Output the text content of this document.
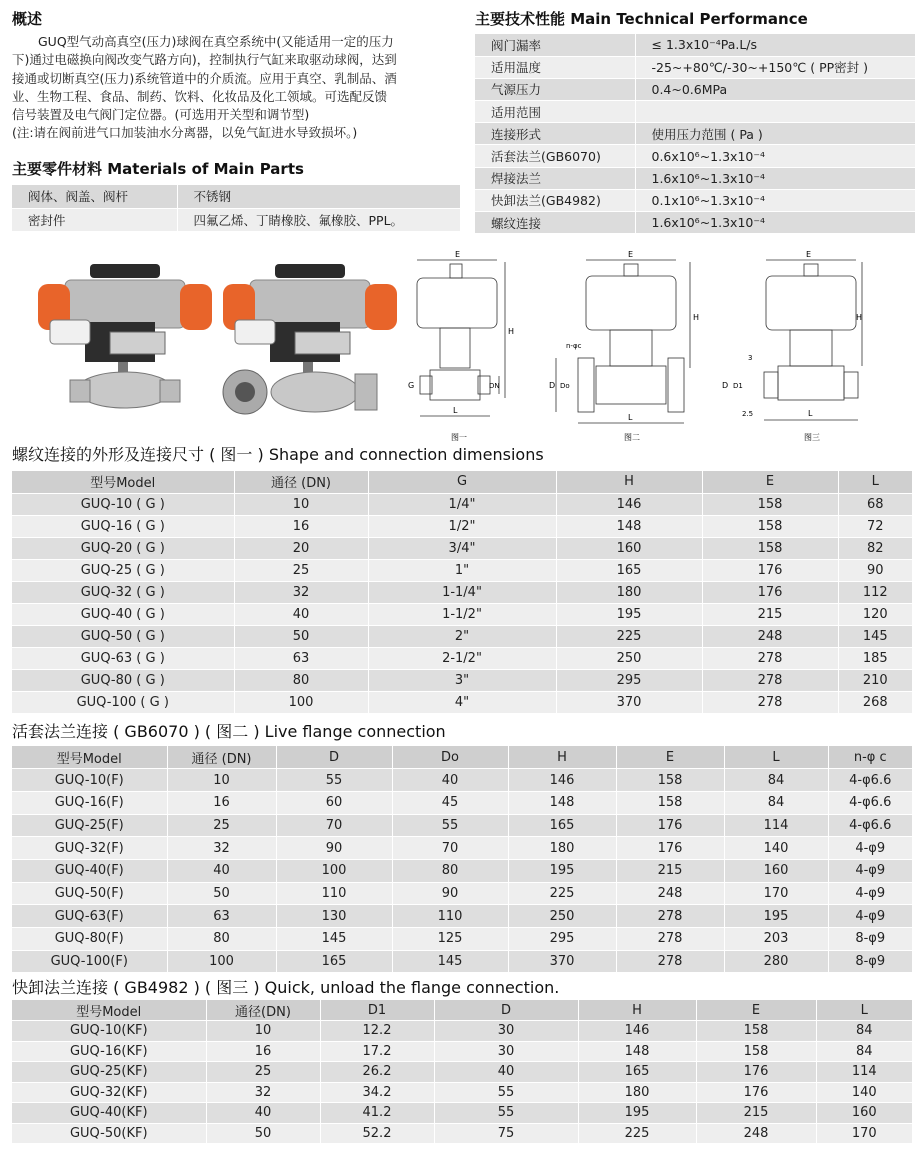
概述

GUQ型气动高真空(压力)球阀在真空系统中(又能适用一定的压力

下)通过电磁换向阀改变气路方向)，控制执行气缸来取驱动球阀，达到

接通或切断真空(压力)系统管道中的介质流。应用于真空、乳制品、酒

业、生物工程、食品、制药、饮料、化妆品及化工领域。可选配反馈

信号装置及电气阀门定位器。(可选用开关型和调节型)

(注:请在阀前进气口加装油水分离器，以免气缸进水导致损坏。)

主要零件材料 Materials of Main Parts
阀体、阀盖、阀杆	不锈钢
密封件	四氟乙烯、丁睛橡胶、氟橡胶、PPL。
主要技术性能 Main Technical Performance
阀门漏率	≤ 1.3x10⁻⁴Pa.L/s
适用温度	-25~+80℃/-30~+150℃ ( PP密封 )
气源压力	0.4~0.6MPa
适用范围	
连接形式	使用压力范围 ( Pa )
活套法兰(GB6070)	0.6x10⁶~1.3x10⁻⁴
焊接法兰	1.6x10⁶~1.3x10⁻⁴
快卸法兰(GB4982)	0.1x10⁶~1.3x10⁻⁴
螺纹连接	1.6x10⁶~1.3x10⁻⁴
E
H
L
G	DN
图一
E
H
L
D Do
n-φc
图二
E
H
L
D D1
3
2.5
图三
螺纹连接的外形及连接尺寸 ( 图一 ) Shape and connection dimensions
型号Model	通径 (DN)	G	H	E	L
GUQ-10 ( G )	10	1/4"	146	158	68
GUQ-16 ( G )	16	1/2"	148	158	72
GUQ-20 ( G )	20	3/4"	160	158	82
GUQ-25 ( G )	25	1"	165	176	90
GUQ-32 ( G )	32	1-1/4"	180	176	112
GUQ-40 ( G )	40	1-1/2"	195	215	120
GUQ-50 ( G )	50	2"	225	248	145
GUQ-63 ( G )	63	2-1/2"	250	278	185
GUQ-80 ( G )	80	3"	295	278	210
GUQ-100 ( G )	100	4"	370	278	268
活套法兰连接 ( GB6070 ) ( 图二 ) Live flange connection
型号Model	通径 (DN)	D	Do	H	E	L	n-φ c
GUQ-10(F)	10	55	40	146	158	84	4-φ6.6
GUQ-16(F)	16	60	45	148	158	84	4-φ6.6
GUQ-25(F)	25	70	55	165	176	114	4-φ6.6
GUQ-32(F)	32	90	70	180	176	140	4-φ9
GUQ-40(F)	40	100	80	195	215	160	4-φ9
GUQ-50(F)	50	110	90	225	248	170	4-φ9
GUQ-63(F)	63	130	110	250	278	195	4-φ9
GUQ-80(F)	80	145	125	295	278	203	8-φ9
GUQ-100(F)	100	165	145	370	278	280	8-φ9
快卸法兰连接 ( GB4982 ) ( 图三 ) Quick, unload the flange connection.
型号Model	通径(DN)	D1	D	H	E	L
GUQ-10(KF)	10	12.2	30	146	158	84
GUQ-16(KF)	16	17.2	30	148	158	84
GUQ-25(KF)	25	26.2	40	165	176	114
GUQ-32(KF)	32	34.2	55	180	176	140
GUQ-40(KF)	40	41.2	55	195	215	160
GUQ-50(KF)	50	52.2	75	225	248	170
